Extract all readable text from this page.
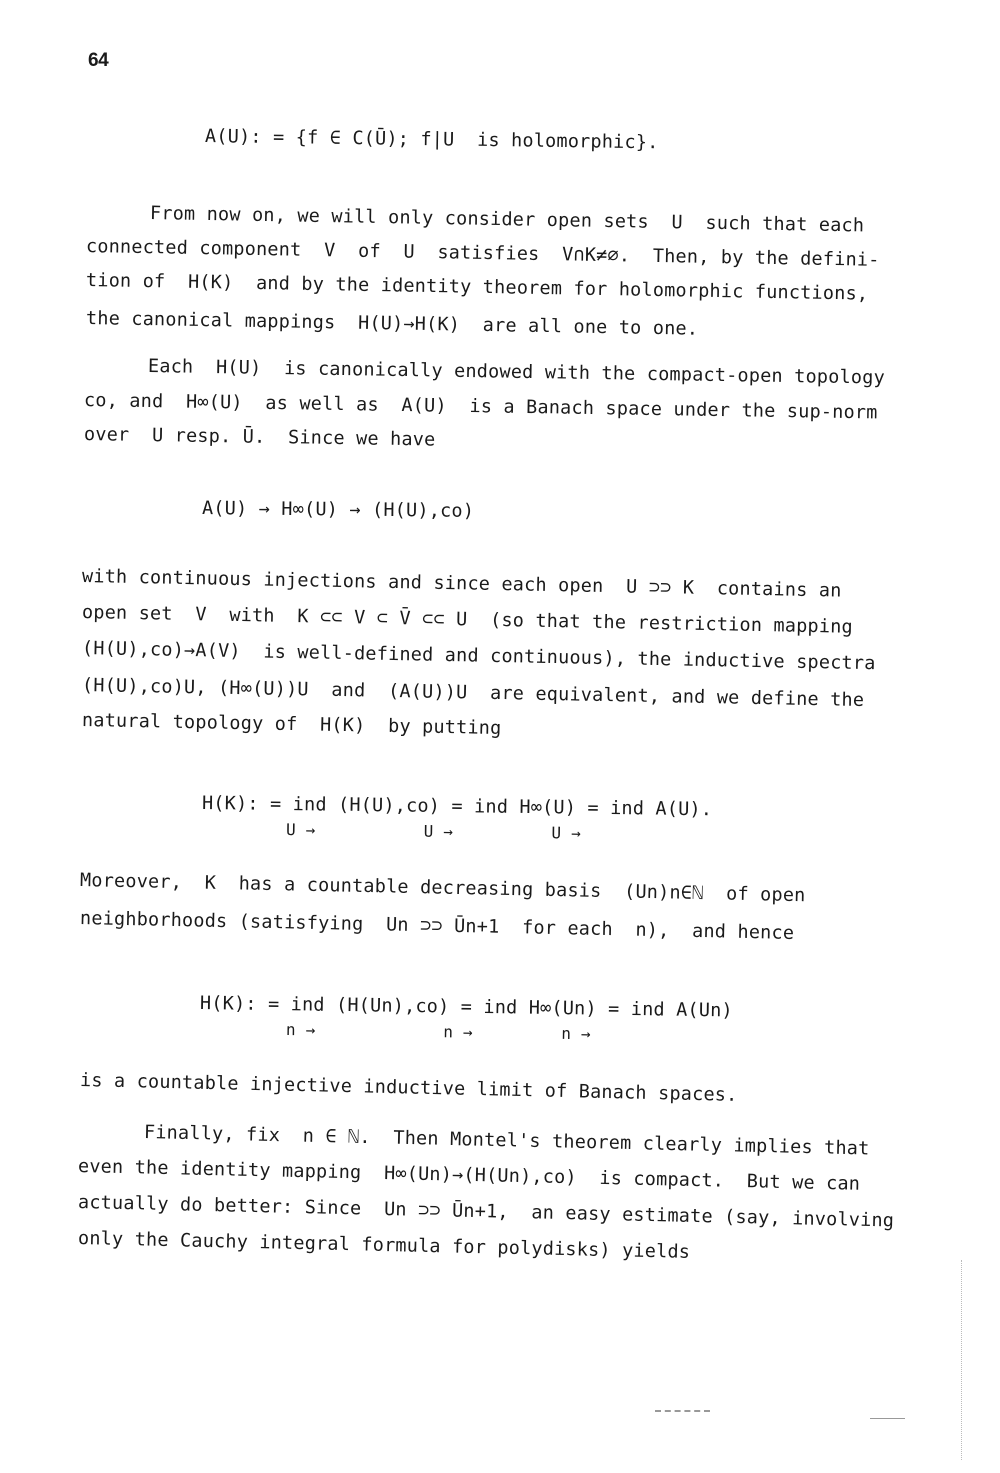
64
A(U): = {f ∈ C(Ū); f|U  is holomorphic}.
From now on, we will only consider open sets  U  such that each
connected component  V  of  U  satisfies  V∩K≠∅.  Then, by the defini-
tion of  H(K)  and by the identity theorem for holomorphic functions,
the canonical mappings  H(U)→H(K)  are all one to one.
Each  H(U)  is canonically endowed with the compact-open topology
co, and  H∞(U)  as well as  A(U)  is a Banach space under the sup-norm
over  U resp. Ū.  Since we have
A(U) → H∞(U) → (H(U),co)
with continuous injections and since each open  U ⊃⊃ K  contains an
open set  V  with  K ⊂⊂ V ⊂ V̄ ⊂⊂ U  (so that the restriction mapping
(H(U),co)→A(V)  is well-defined and continuous), the inductive spectra
(H(U),co)U, (H∞(U))U  and  (A(U))U  are equivalent, and we define the
natural topology of  H(K)  by putting
H(K): = ind (H(U),co) = ind H∞(U) = ind A(U).
U →           U →          U →
Moreover,  K  has a countable decreasing basis  (Un)n∈ℕ  of open
neighborhoods (satisfying  Un ⊃⊃ Ūn+1  for each  n),  and hence
H(K): = ind (H(Un),co) = ind H∞(Un) = ind A(Un)
n →             n →         n →
is a countable injective inductive limit of Banach spaces.
Finally, fix  n ∈ ℕ.  Then Montel's theorem clearly implies that
even the identity mapping  H∞(Un)→(H(Un),co)  is compact.  But we can
actually do better: Since  Un ⊃⊃ Ūn+1,  an easy estimate (say, involving
only the Cauchy integral formula for polydisks) yields
